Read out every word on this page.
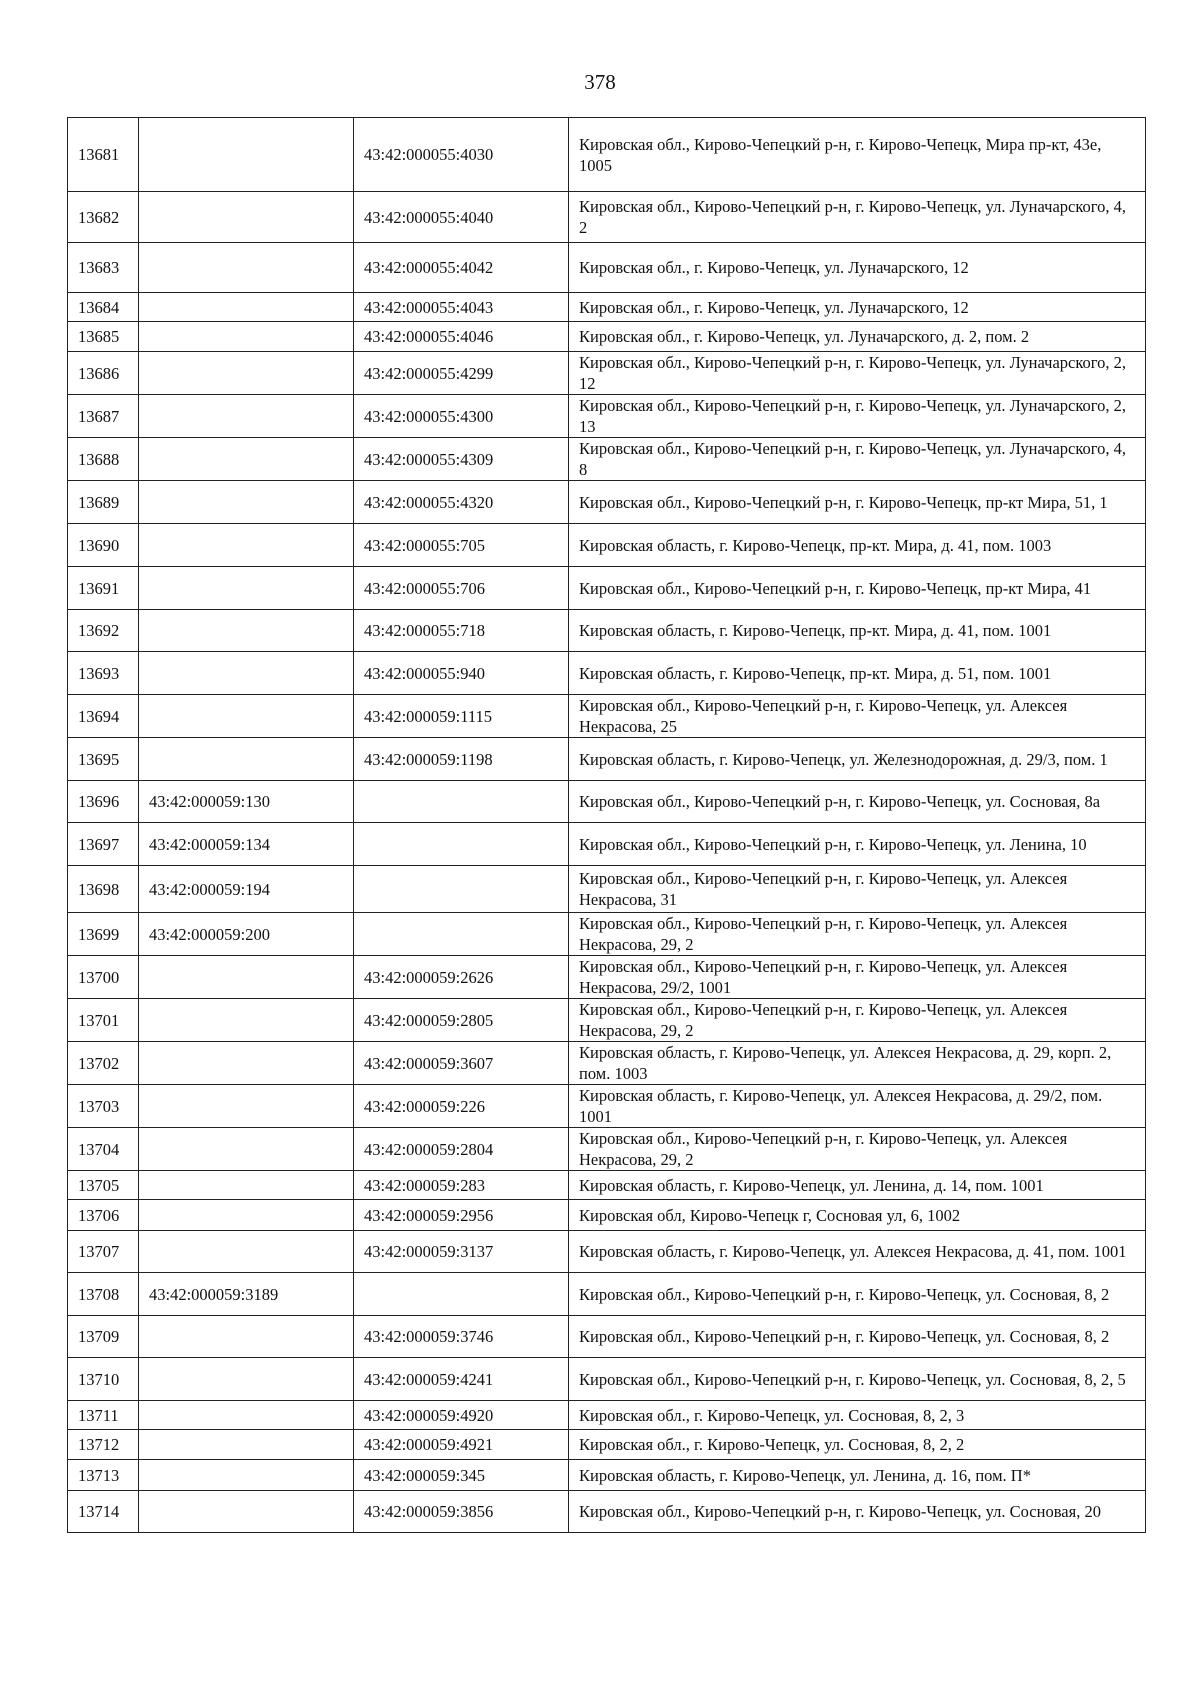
378
13681		43:42:000055:4030	Кировская обл., Кирово-Чепецкий р-н, г. Кирово-Чепецк, Мира пр-кт, 43е, 1005
13682		43:42:000055:4040	Кировская обл., Кирово-Чепецкий р-н, г. Кирово-Чепецк, ул. Луначарского, 4, 2
13683		43:42:000055:4042	Кировская обл., г. Кирово-Чепецк, ул. Луначарского, 12
13684		43:42:000055:4043	Кировская обл., г. Кирово-Чепецк, ул. Луначарского, 12
13685		43:42:000055:4046	Кировская обл., г. Кирово-Чепецк, ул. Луначарского, д. 2, пом. 2
13686		43:42:000055:4299	Кировская обл., Кирово-Чепецкий р-н, г. Кирово-Чепецк, ул. Луначарского, 2, 12
13687		43:42:000055:4300	Кировская обл., Кирово-Чепецкий р-н, г. Кирово-Чепецк, ул. Луначарского, 2, 13
13688		43:42:000055:4309	Кировская обл., Кирово-Чепецкий р-н, г. Кирово-Чепецк, ул. Луначарского, 4, 8
13689		43:42:000055:4320	Кировская обл., Кирово-Чепецкий р-н, г. Кирово-Чепецк, пр-кт Мира, 51, 1
13690		43:42:000055:705	Кировская область, г. Кирово-Чепецк, пр-кт. Мира, д. 41, пом. 1003
13691		43:42:000055:706	Кировская обл., Кирово-Чепецкий р-н, г. Кирово-Чепецк, пр-кт Мира, 41
13692		43:42:000055:718	Кировская область, г. Кирово-Чепецк, пр-кт. Мира, д. 41, пом. 1001
13693		43:42:000055:940	Кировская область, г. Кирово-Чепецк, пр-кт. Мира, д. 51, пом. 1001
13694		43:42:000059:1115	Кировская обл., Кирово-Чепецкий р-н, г. Кирово-Чепецк, ул. Алексея Некрасова, 25
13695		43:42:000059:1198	Кировская область, г. Кирово-Чепецк, ул. Железнодорожная, д. 29/3, пом. 1
13696	43:42:000059:130		Кировская обл., Кирово-Чепецкий р-н, г. Кирово-Чепецк, ул. Сосновая, 8а
13697	43:42:000059:134		Кировская обл., Кирово-Чепецкий р-н, г. Кирово-Чепецк, ул. Ленина, 10
13698	43:42:000059:194		Кировская обл., Кирово-Чепецкий р-н, г. Кирово-Чепецк, ул. Алексея Некрасова, 31
13699	43:42:000059:200		Кировская обл., Кирово-Чепецкий р-н, г. Кирово-Чепецк, ул. Алексея Некрасова, 29, 2
13700		43:42:000059:2626	Кировская обл., Кирово-Чепецкий р-н, г. Кирово-Чепецк, ул. Алексея Некрасова, 29/2, 1001
13701		43:42:000059:2805	Кировская обл., Кирово-Чепецкий р-н, г. Кирово-Чепецк, ул. Алексея Некрасова, 29, 2
13702		43:42:000059:3607	Кировская область, г. Кирово-Чепецк, ул. Алексея Некрасова, д. 29, корп. 2, пом. 1003
13703		43:42:000059:226	Кировская область, г. Кирово-Чепецк, ул. Алексея Некрасова, д. 29/2, пом. 1001
13704		43:42:000059:2804	Кировская обл., Кирово-Чепецкий р-н, г. Кирово-Чепецк, ул. Алексея Некрасова, 29, 2
13705		43:42:000059:283	Кировская область, г. Кирово-Чепецк, ул. Ленина, д. 14, пом. 1001
13706		43:42:000059:2956	Кировская обл, Кирово-Чепецк г, Сосновая ул, 6, 1002
13707		43:42:000059:3137	Кировская область, г. Кирово-Чепецк, ул. Алексея Некрасова, д. 41, пом. 1001
13708	43:42:000059:3189		Кировская обл., Кирово-Чепецкий р-н, г. Кирово-Чепецк, ул. Сосновая, 8, 2
13709		43:42:000059:3746	Кировская обл., Кирово-Чепецкий р-н, г. Кирово-Чепецк, ул. Сосновая, 8, 2
13710		43:42:000059:4241	Кировская обл., Кирово-Чепецкий р-н, г. Кирово-Чепецк, ул. Сосновая, 8, 2, 5
13711		43:42:000059:4920	Кировская обл., г. Кирово-Чепецк, ул. Сосновая, 8, 2, 3
13712		43:42:000059:4921	Кировская обл., г. Кирово-Чепецк, ул. Сосновая, 8, 2, 2
13713		43:42:000059:345	Кировская область, г. Кирово-Чепецк, ул. Ленина, д. 16, пом. П*
13714		43:42:000059:3856	Кировская обл., Кирово-Чепецкий р-н, г. Кирово-Чепецк, ул. Сосновая, 20
